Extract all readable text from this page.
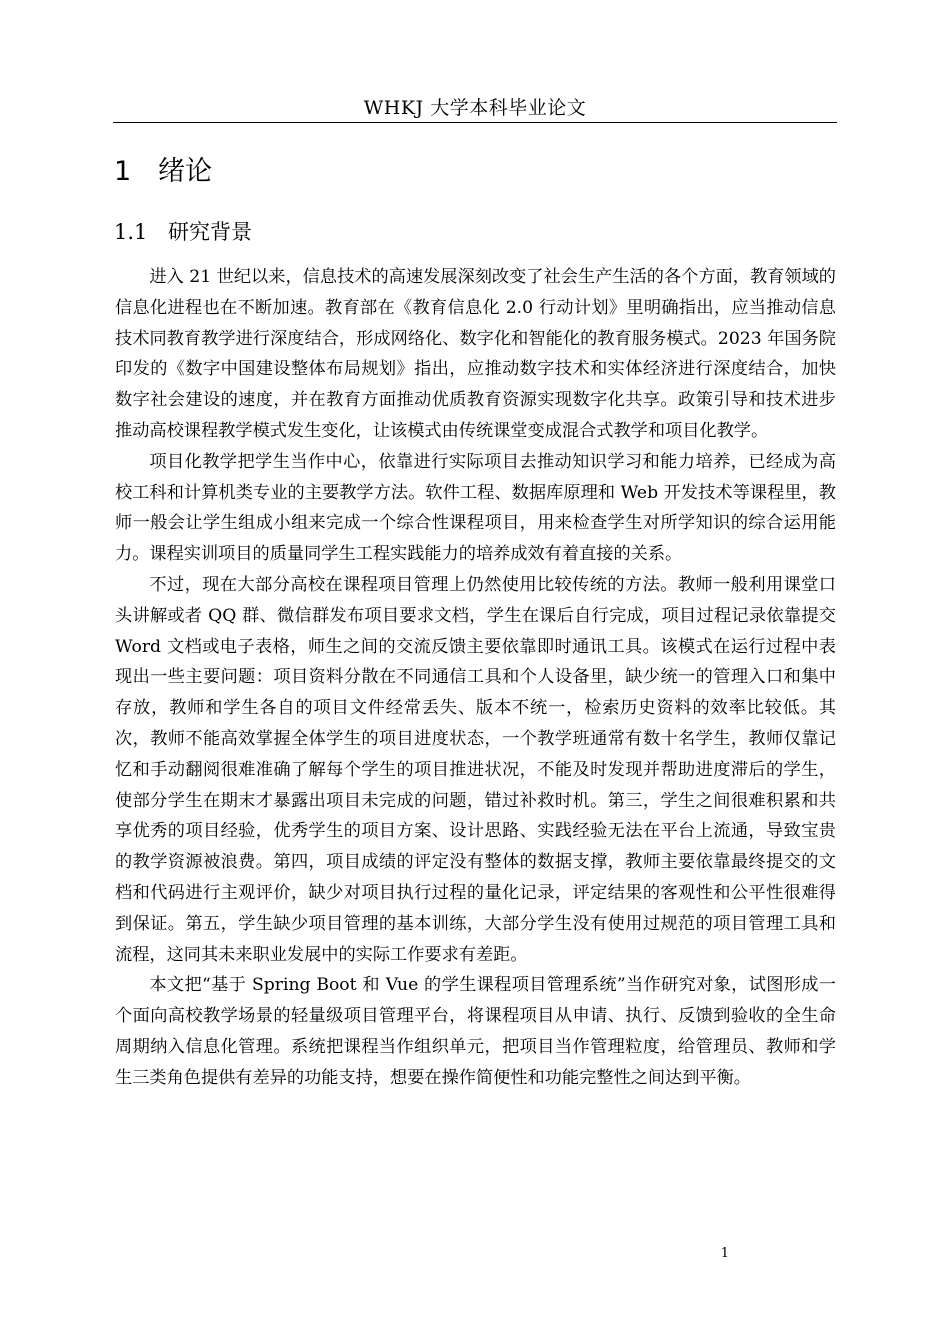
WHKJ 大学本科毕业论文
1 绪论
1.1 研究背景

进入 21 世纪以来，信息技术的高速发展深刻改变了社会生产生活的各个方面，教育领域的信息化进程也在不断加速。教育部在《教育信息化 2.0 行动计划》里明确指出，应当推动信息技术同教育教学进行深度结合，形成网络化、数字化和智能化的教育服务模式。2023 年国务院印发的《数字中国建设整体布局规划》指出，应推动数字技术和实体经济进行深度结合，加快数字社会建设的速度，并在教育方面推动优质教育资源实现数字化共享。政策引导和技术进步推动高校课程教学模式发生变化，让该模式由传统课堂变成混合式教学和项目化教学。

项目化教学把学生当作中心，依靠进行实际项目去推动知识学习和能力培养，已经成为高校工科和计算机类专业的主要教学方法。软件工程、数据库原理和 Web 开发技术等课程里，教师一般会让学生组成小组来完成一个综合性课程项目，用来检查学生对所学知识的综合运用能力。课程实训项目的质量同学生工程实践能力的培养成效有着直接的关系。

不过，现在大部分高校在课程项目管理上仍然使用比较传统的方法。教师一般利用课堂口头讲解或者 QQ 群、微信群发布项目要求文档，学生在课后自行完成，项目过程记录依靠提交 Word 文档或电子表格，师生之间的交流反馈主要依靠即时通讯工具。该模式在运行过程中表现出一些主要问题：项目资料分散在不同通信工具和个人设备里，缺少统一的管理入口和集中存放，教师和学生各自的项目文件经常丢失、版本不统一，检索历史资料的效率比较低。其次，教师不能高效掌握全体学生的项目进度状态，一个教学班通常有数十名学生，教师仅靠记忆和手动翻阅很难准确了解每个学生的项目推进状况，不能及时发现并帮助进度滞后的学生，使部分学生在期末才暴露出项目未完成的问题，错过补救时机。第三，学生之间很难积累和共享优秀的项目经验，优秀学生的项目方案、设计思路、实践经验无法在平台上流通，导致宝贵的教学资源被浪费。第四，项目成绩的评定没有整体的数据支撑，教师主要依靠最终提交的文档和代码进行主观评价，缺少对项目执行过程的量化记录，评定结果的客观性和公平性很难得到保证。第五，学生缺少项目管理的基本训练，大部分学生没有使用过规范的项目管理工具和流程，这同其未来职业发展中的实际工作要求有差距。

本文把“基于 Spring Boot 和 Vue 的学生课程项目管理系统”当作研究对象，试图形成一个面向高校教学场景的轻量级项目管理平台，将课程项目从申请、执行、反馈到验收的全生命周期纳入信息化管理。系统把课程当作组织单元，把项目当作管理粒度，给管理员、教师和学生三类角色提供有差异的功能支持，想要在操作简便性和功能完整性之间达到平衡。

1
